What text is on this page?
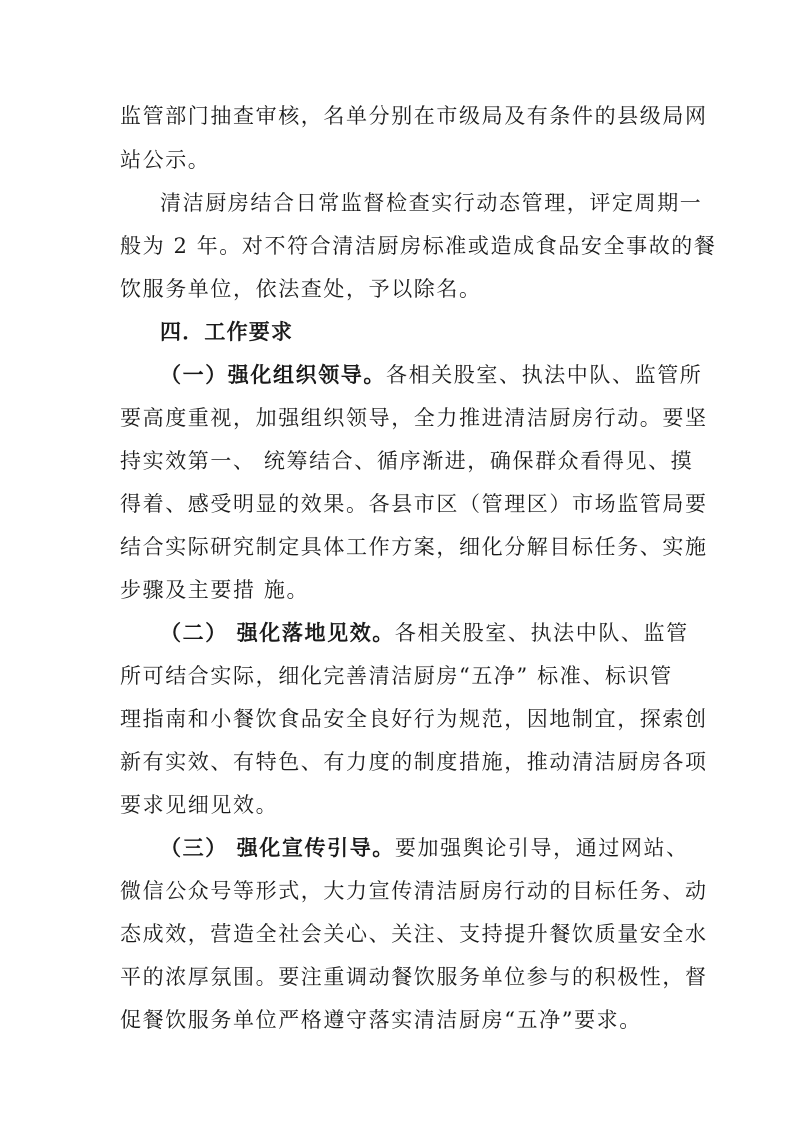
监管部门抽查审核，名单分别在市级局及有条件的县级局网
站公示。
清洁厨房结合日常监督检查实行动态管理，评定周期一
般为 2 年。对不符合清洁厨房标准或造成食品安全事故的餐
饮服务单位，依法查处，予以除名。
四．工作要求
（一）强化组织领导。各相关股室、执法中队、监管所
要高度重视，加强组织领导，全力推进清洁厨房行动。要坚
持实效第一、 统筹结合、循序渐进，确保群众看得见、摸
得着、感受明显的效果。各县市区（管理区）市场监管局要
结合实际研究制定具体工作方案，细化分解目标任务、实施
步骤及主要措 施。
（二） 强化落地见效。各相关股室、执法中队、监管
所可结合实际，细化完善清洁厨房“五净” 标准、标识管
理指南和小餐饮食品安全良好行为规范，因地制宜，探索创
新有实效、有特色、有力度的制度措施，推动清洁厨房各项
要求见细见效。
（三） 强化宣传引导。要加强舆论引导，通过网站、
微信公众号等形式，大力宣传清洁厨房行动的目标任务、动
态成效，营造全社会关心、关注、支持提升餐饮质量安全水
平的浓厚氛围。要注重调动餐饮服务单位参与的积极性，督
促餐饮服务单位严格遵守落实清洁厨房“五净”要求。
